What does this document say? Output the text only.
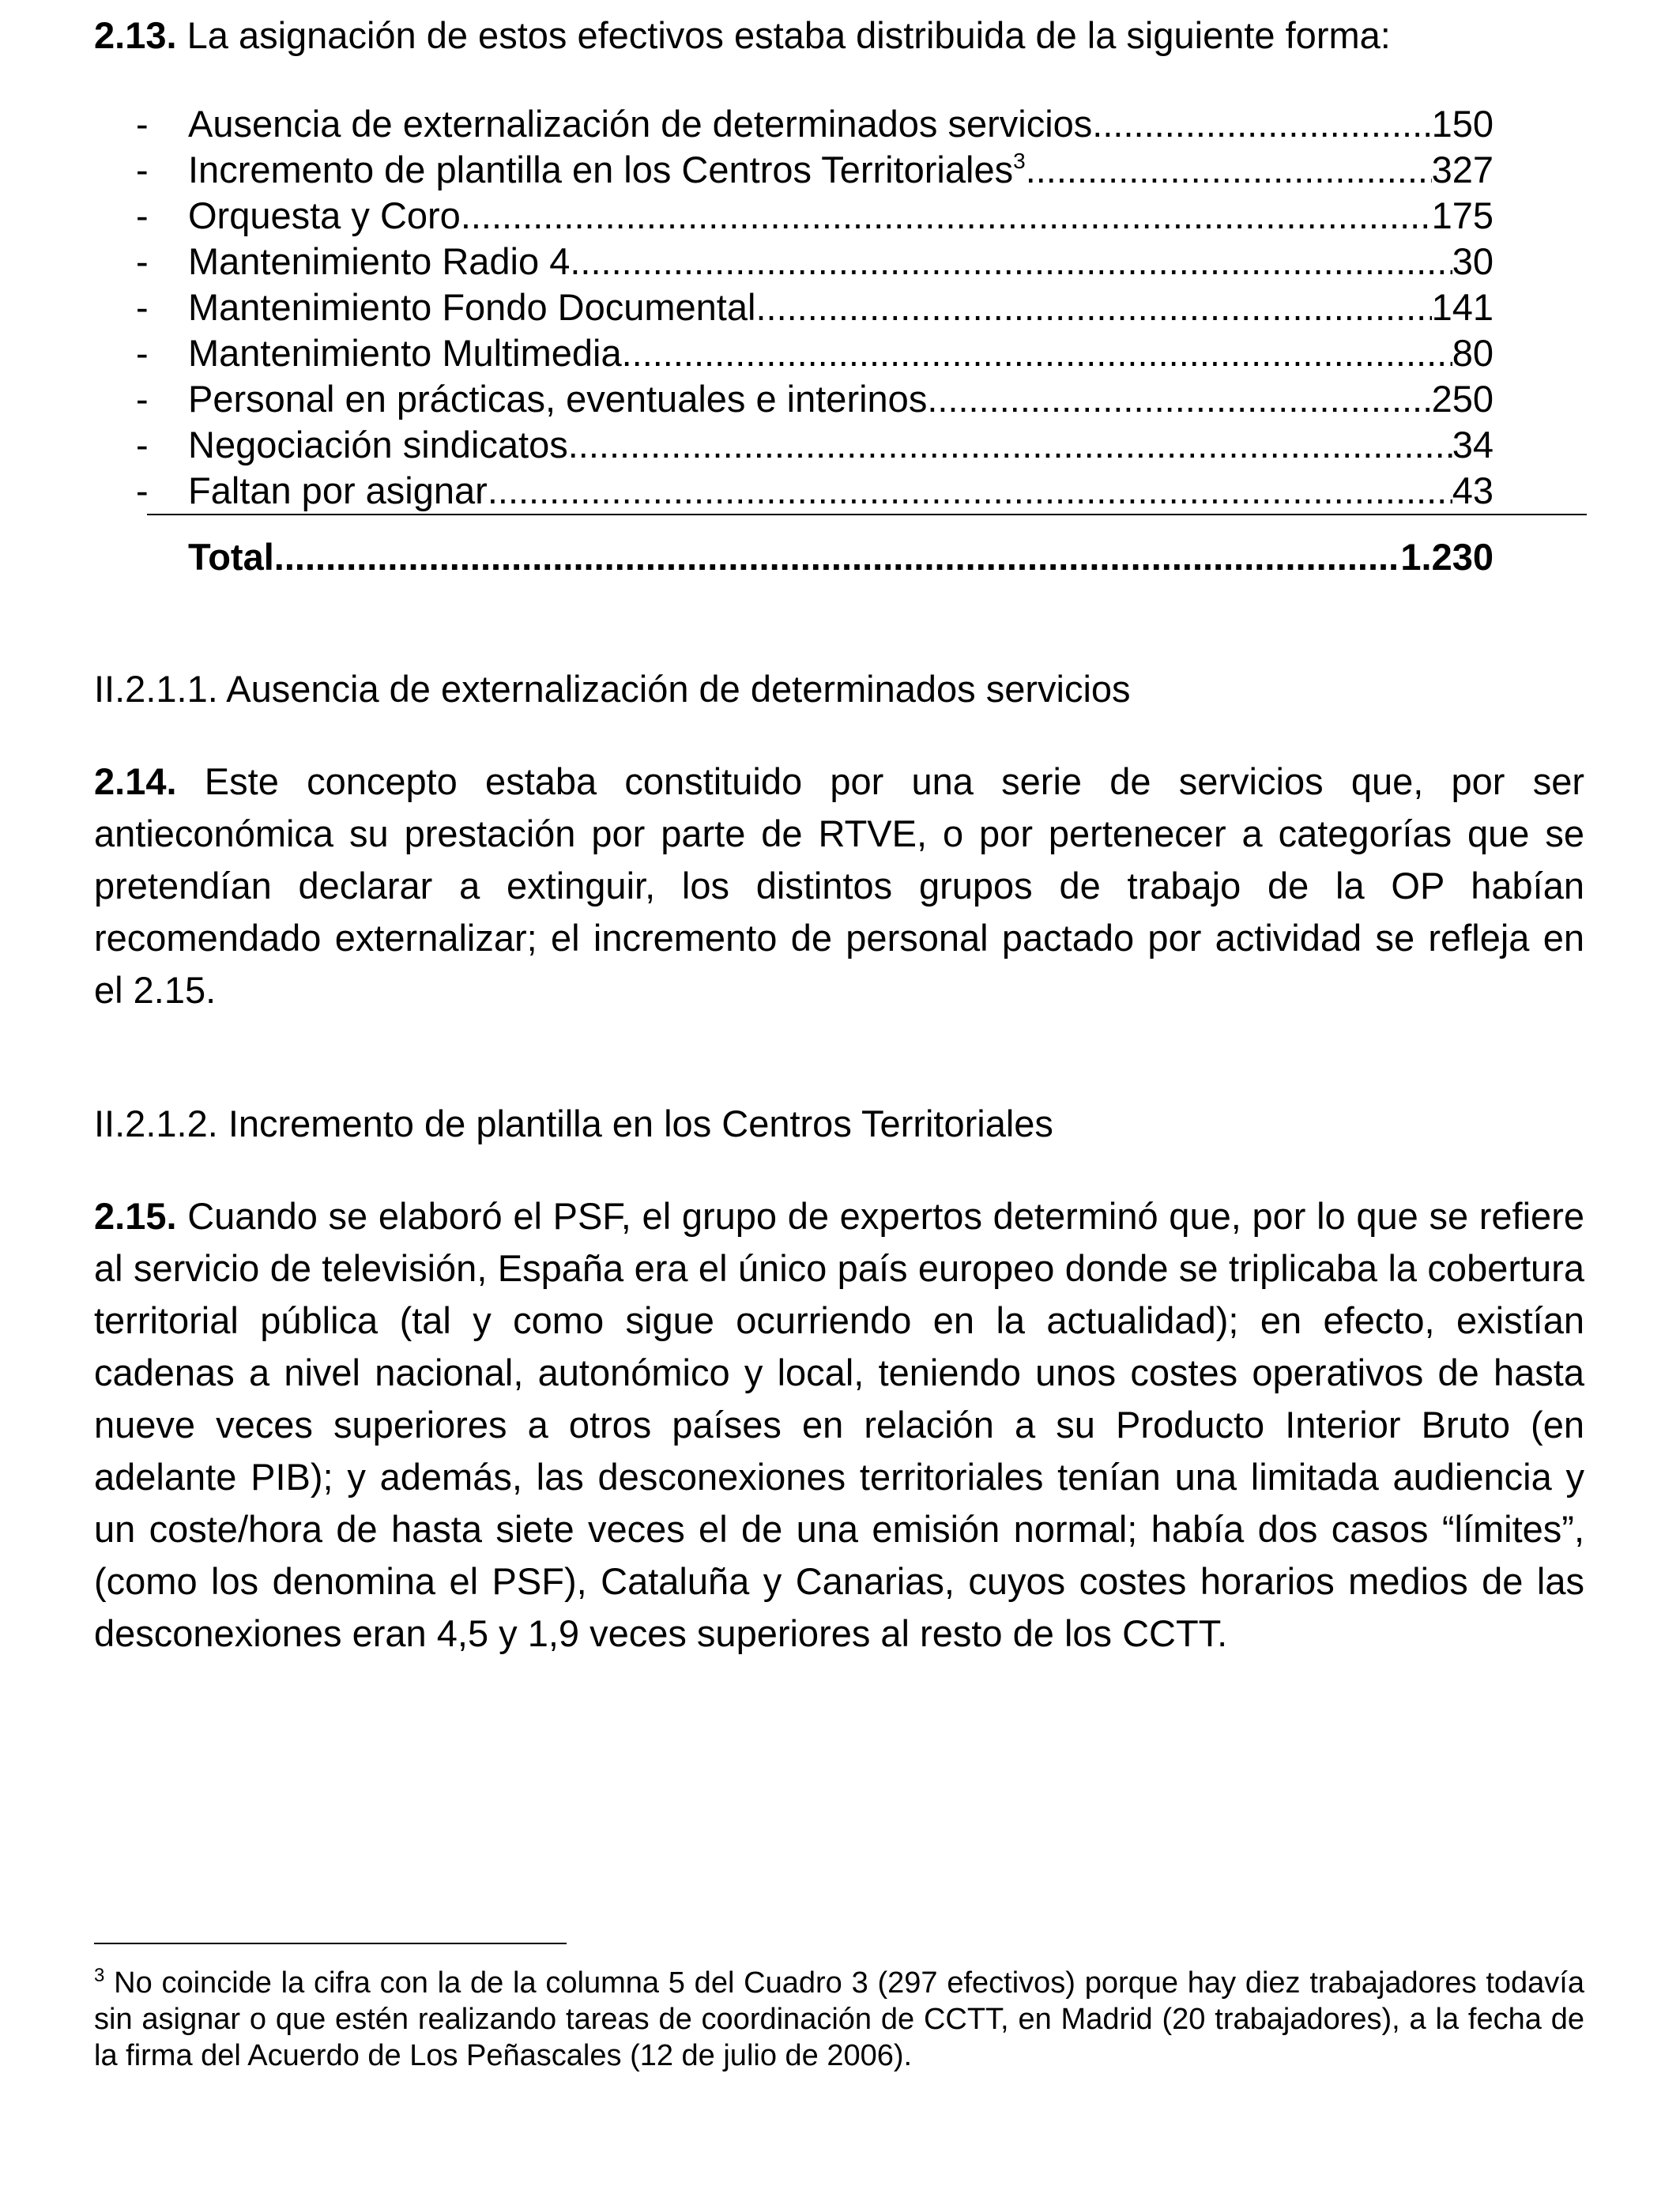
2.13. La asignación de estos efectivos estaba distribuida de la siguiente forma:
-	Ausencia de externalización de determinados servicios .....	150
-	Incremento de plantilla en los Centros Territoriales$^3$ .....	327
-	Orquesta y Coro .....	175
-	Mantenimiento Radio 4 .....	30
-	Mantenimiento Fondo Documental .....	141
-	Mantenimiento Multimedia .....	80
-	Personal en prácticas, eventuales e interinos .....	250
-	Negociación sindicatos .....	34
-	Faltan por asignar .....	43
Total .....	1.230
II.2.1.1. Ausencia de externalización de determinados servicios
2.14. Este concepto estaba constituido por una serie de servicios que, por ser antieconómica su prestación por parte de RTVE, o por pertenecer a categorías que se pretendían declarar a extinguir, los distintos grupos de trabajo de la OP habían recomendado externalizar; el incremento de personal pactado por actividad se refleja en el 2.15.
II.2.1.2. Incremento de plantilla en los Centros Territoriales
2.15. Cuando se elaboró el PSF, el grupo de expertos determinó que, por lo que se refiere al servicio de televisión, España era el único país europeo donde se triplicaba la cobertura territorial pública (tal y como sigue ocurriendo en la actualidad); en efecto, existían cadenas a nivel nacional, autonómico y local, teniendo unos costes operativos de hasta nueve veces superiores a otros países en relación a su Producto Interior Bruto (en adelante PIB); y además, las desconexiones territoriales tenían una limitada audiencia y un coste/hora de hasta siete veces el de una emisión normal; había dos casos “límites”, (como los denomina el PSF), Cataluña y Canarias, cuyos costes horarios medios de las desconexiones eran 4,5 y 1,9 veces superiores al resto de los CCTT.
$^3$ No coincide la cifra con la de la columna 5 del Cuadro 3 (297 efectivos) porque hay diez trabajadores todavía sin asignar o que estén realizando tareas de coordinación de CCTT, en Madrid (20 trabajadores), a la fecha de la firma del Acuerdo de Los Peñascales (12 de julio de 2006).
